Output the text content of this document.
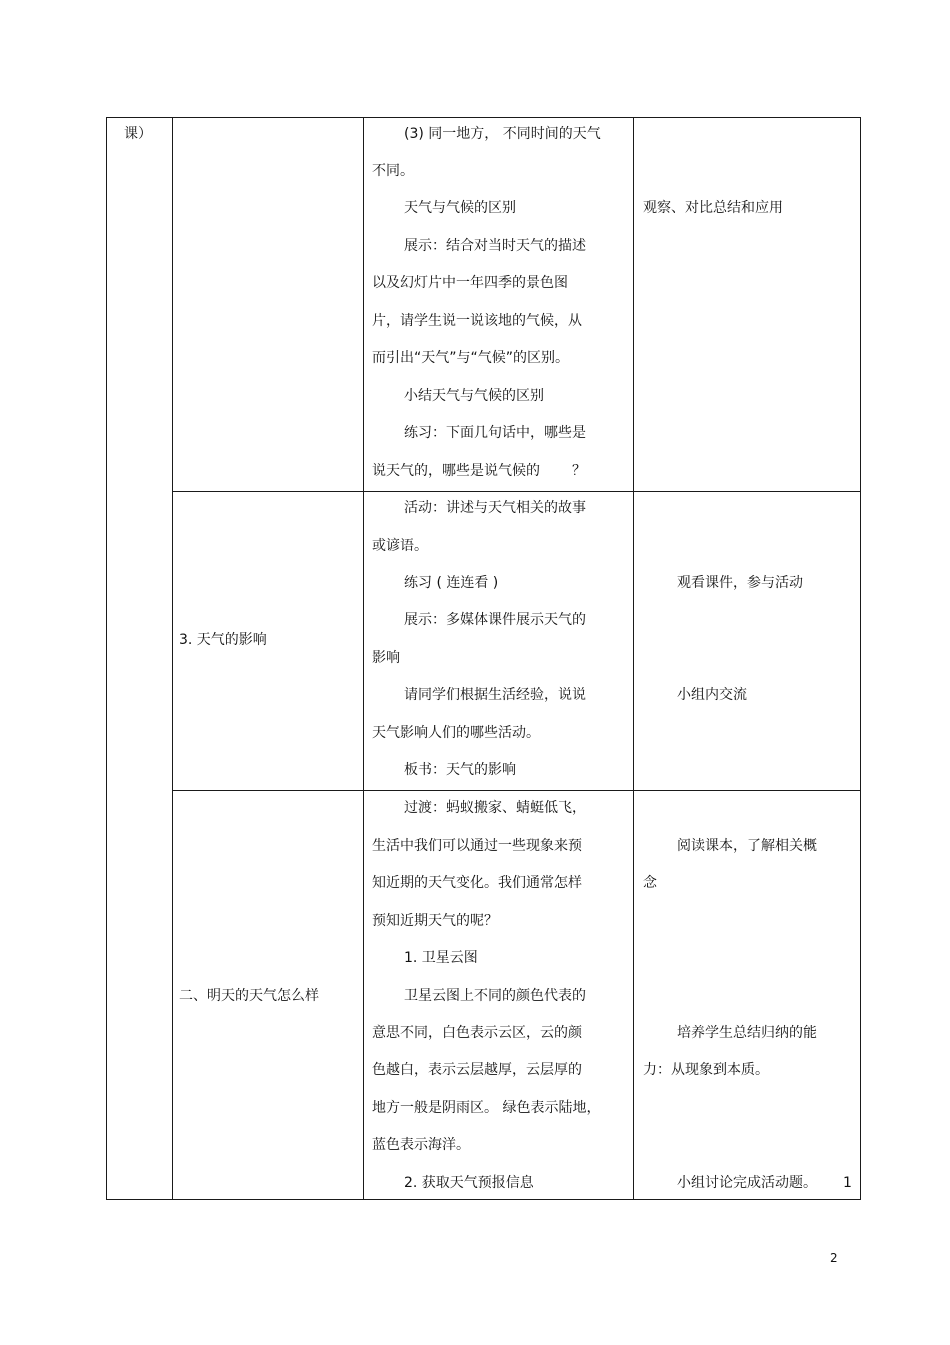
课）	(3) 同一地方， 不同时间的天气
不同。
天气与气候的区别
展示：结合对当时天气的描述
以及幻灯片中一年四季的景色图
片，请学生说一说该地的气候，从
而引出“天气”与“气候”的区别。
小结天气与气候的区别
练习：下面几句话中，哪些是
说天气的，哪些是说气候的 ？
观察、对比总结和应用
3. 天气的影响
活动：讲述与天气相关的故事
或谚语。
练习 ( 连连看 )
展示：多媒体课件展示天气的
影响
请同学们根据生活经验，说说
天气影响人们的哪些活动。
板书：天气的影响
观看课件，参与活动
小组内交流
二、明天的天气怎么样
过渡：蚂蚁搬家、蜻蜓低飞，
生活中我们可以通过一些现象来预
知近期的天气变化。我们通常怎样
预知近期天气的呢？
1. 卫星云图
卫星云图上不同的颜色代表的
意思不同，白色表示云区，云的颜
色越白，表示云层越厚，云层厚的
地方一般是阴雨区。 绿色表示陆地，
蓝色表示海洋。
2. 获取天气预报信息
阅读课本，了解相关概
念
培养学生总结归纳的能
力：从现象到本质。
小组讨论完成活动题。 1
2
